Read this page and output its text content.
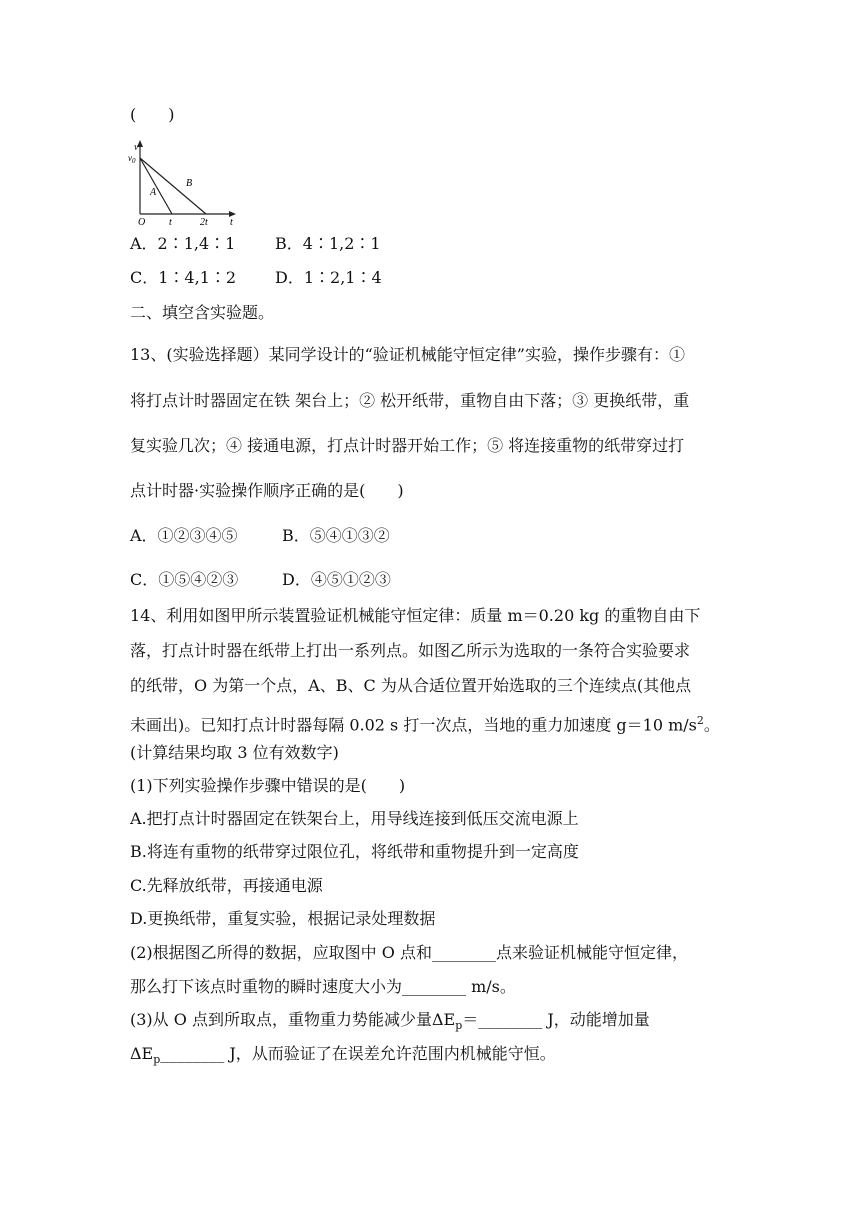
(　　)
v
$v_0$
O
A
B
t	2t t
A．2∶1,4∶1 B．4∶1,2∶1
C．1∶4,1∶2 D．1∶2,1∶4
二、填空含实验题。
13、(实验选择题）某同学设计的“验证机械能守恒定律”实验，操作步骤有：①
将打点计时器固定在铁 架台上；② 松开纸带，重物自由下落；③ 更换纸带，重
复实验几次；④ 接通电源，打点计时器开始工作；⑤ 将连接重物的纸带穿过打
点计时器·实验操作顺序正确的是(　　)
A．①②③④⑤	B．⑤④①③②
C．①⑤④②③	D．④⑤①②③
14、利用如图甲所示装置验证机械能守恒定律：质量 m＝0.20 kg 的重物自由下
落，打点计时器在纸带上打出一系列点。如图乙所示为选取的一条符合实验要求
的纸带，O 为第一个点，A、B、C 为从合适位置开始选取的三个连续点(其他点
未画出)。已知打点计时器每隔 0.02 s 打一次点，当地的重力加速度 g＝10 $m/s^2$。
(计算结果均取 3 位有效数字)
(1)下列实验操作步骤中错误的是(　　)
A.把打点计时器固定在铁架台上，用导线连接到低压交流电源上
B.将连有重物的纸带穿过限位孔，将纸带和重物提升到一定高度
C.先释放纸带，再接通电源
D.更换纸带，重复实验，根据记录处理数据
(2)根据图乙所得的数据，应取图中 O 点和________点来验证机械能守恒定律，
那么打下该点时重物的瞬时速度大小为________ m/s。
(3)从 O 点到所取点，重物重力势能减少量$\Delta E_p=\_\_\_\_\_\_\_\_$ J，动能增加量
$\Delta E_p\_\_\_\_\_\_\_\_$ J，从而验证了在误差允许范围内机械能守恒。
